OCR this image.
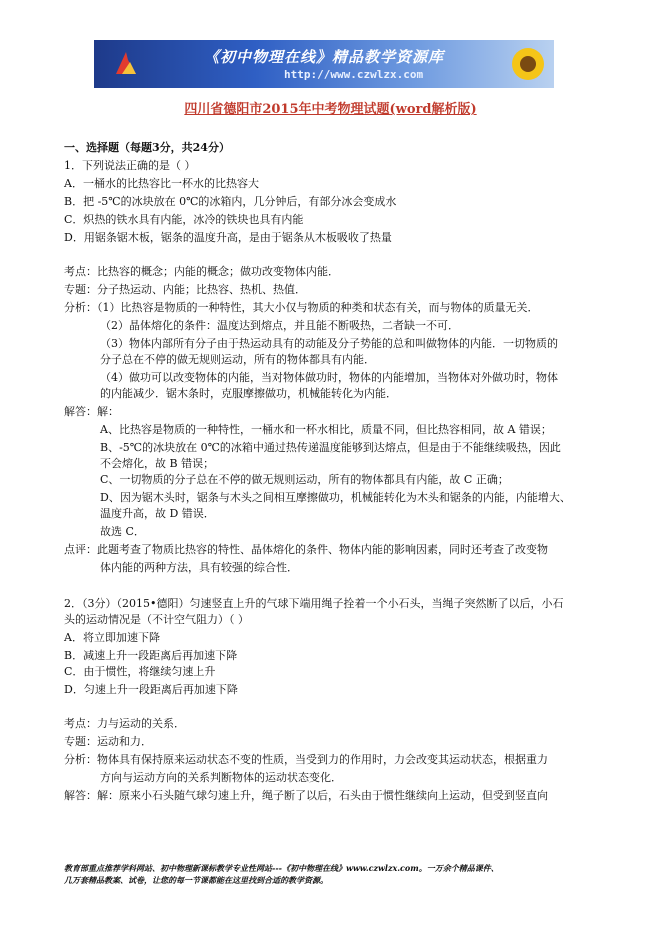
《初中物理在线》精品教学资源库
http://www.czwlzx.com
四川省德阳市2015年中考物理试题(word解析版)
一、选择题（每题3分，共24分）
1．下列说法正确的是（ ）
A．一桶水的比热容比一杯水的比热容大
B．把 -5℃的冰块放在 0℃的冰箱内，几分钟后，有部分冰会变成水
C．炽热的铁水具有内能，冰冷的铁块也具有内能
D．用锯条锯木板，锯条的温度升高，是由于锯条从木板吸收了热量
考点：比热容的概念；内能的概念；做功改变物体内能．
专题：分子热运动、内能；比热容、热机、热值．
分析：（1）比热容是物质的一种特性，其大小仅与物质的种类和状态有关，而与物体的质量无关．
（2）晶体熔化的条件：温度达到熔点，并且能不断吸热，二者缺一不可．
（3）物体内部所有分子由于热运动具有的动能及分子势能的总和叫做物体的内能．一切物质的
分子总在不停的做无规则运动，所有的物体都具有内能．
（4）做功可以改变物体的内能，当对物体做功时，物体的内能增加，当物体对外做功时，物体
的内能减少．锯木条时，克服摩擦做功，机械能转化为内能．
解答：解：
A、比热容是物质的一种特性，一桶水和一杯水相比，质量不同，但比热容相同，故 A 错误；
B、-5℃的冰块放在 0℃的冰箱中通过热传递温度能够到达熔点，但是由于不能继续吸热，因此
不会熔化，故 B 错误；
C、一切物质的分子总在不停的做无规则运动，所有的物体都具有内能，故 C 正确；
D、因为锯木头时，锯条与木头之间相互摩擦做功，机械能转化为木头和锯条的内能，内能增大、
温度升高，故 D 错误．
故选 C．
点评：此题考查了物质比热容的特性、晶体熔化的条件、物体内能的影响因素，同时还考查了改变物
体内能的两种方法，具有较强的综合性．
2．（3分）（2015•德阳）匀速竖直上升的气球下端用绳子拴着一个小石头，当绳子突然断了以后，小石
头的运动情况是（不计空气阻力）（ ）
A．将立即加速下降
B．减速上升一段距离后再加速下降
C．由于惯性，将继续匀速上升
D．匀速上升一段距离后再加速下降
考点：力与运动的关系．
专题：运动和力．
分析：物体具有保持原来运动状态不变的性质，当受到力的作用时，力会改变其运动状态，根据重力
方向与运动方向的关系判断物体的运动状态变化．
解答：解：原来小石头随气球匀速上升，绳子断了以后，石头由于惯性继续向上运动，但受到竖直向
教育部重点推荐学科网站、初中物理新课标教学专业性网站---《初中物理在线》www.czwlzx.com。一万余个精品课件、
几万套精品教案、试卷，让您的每一节课都能在这里找到合适的教学资源。
